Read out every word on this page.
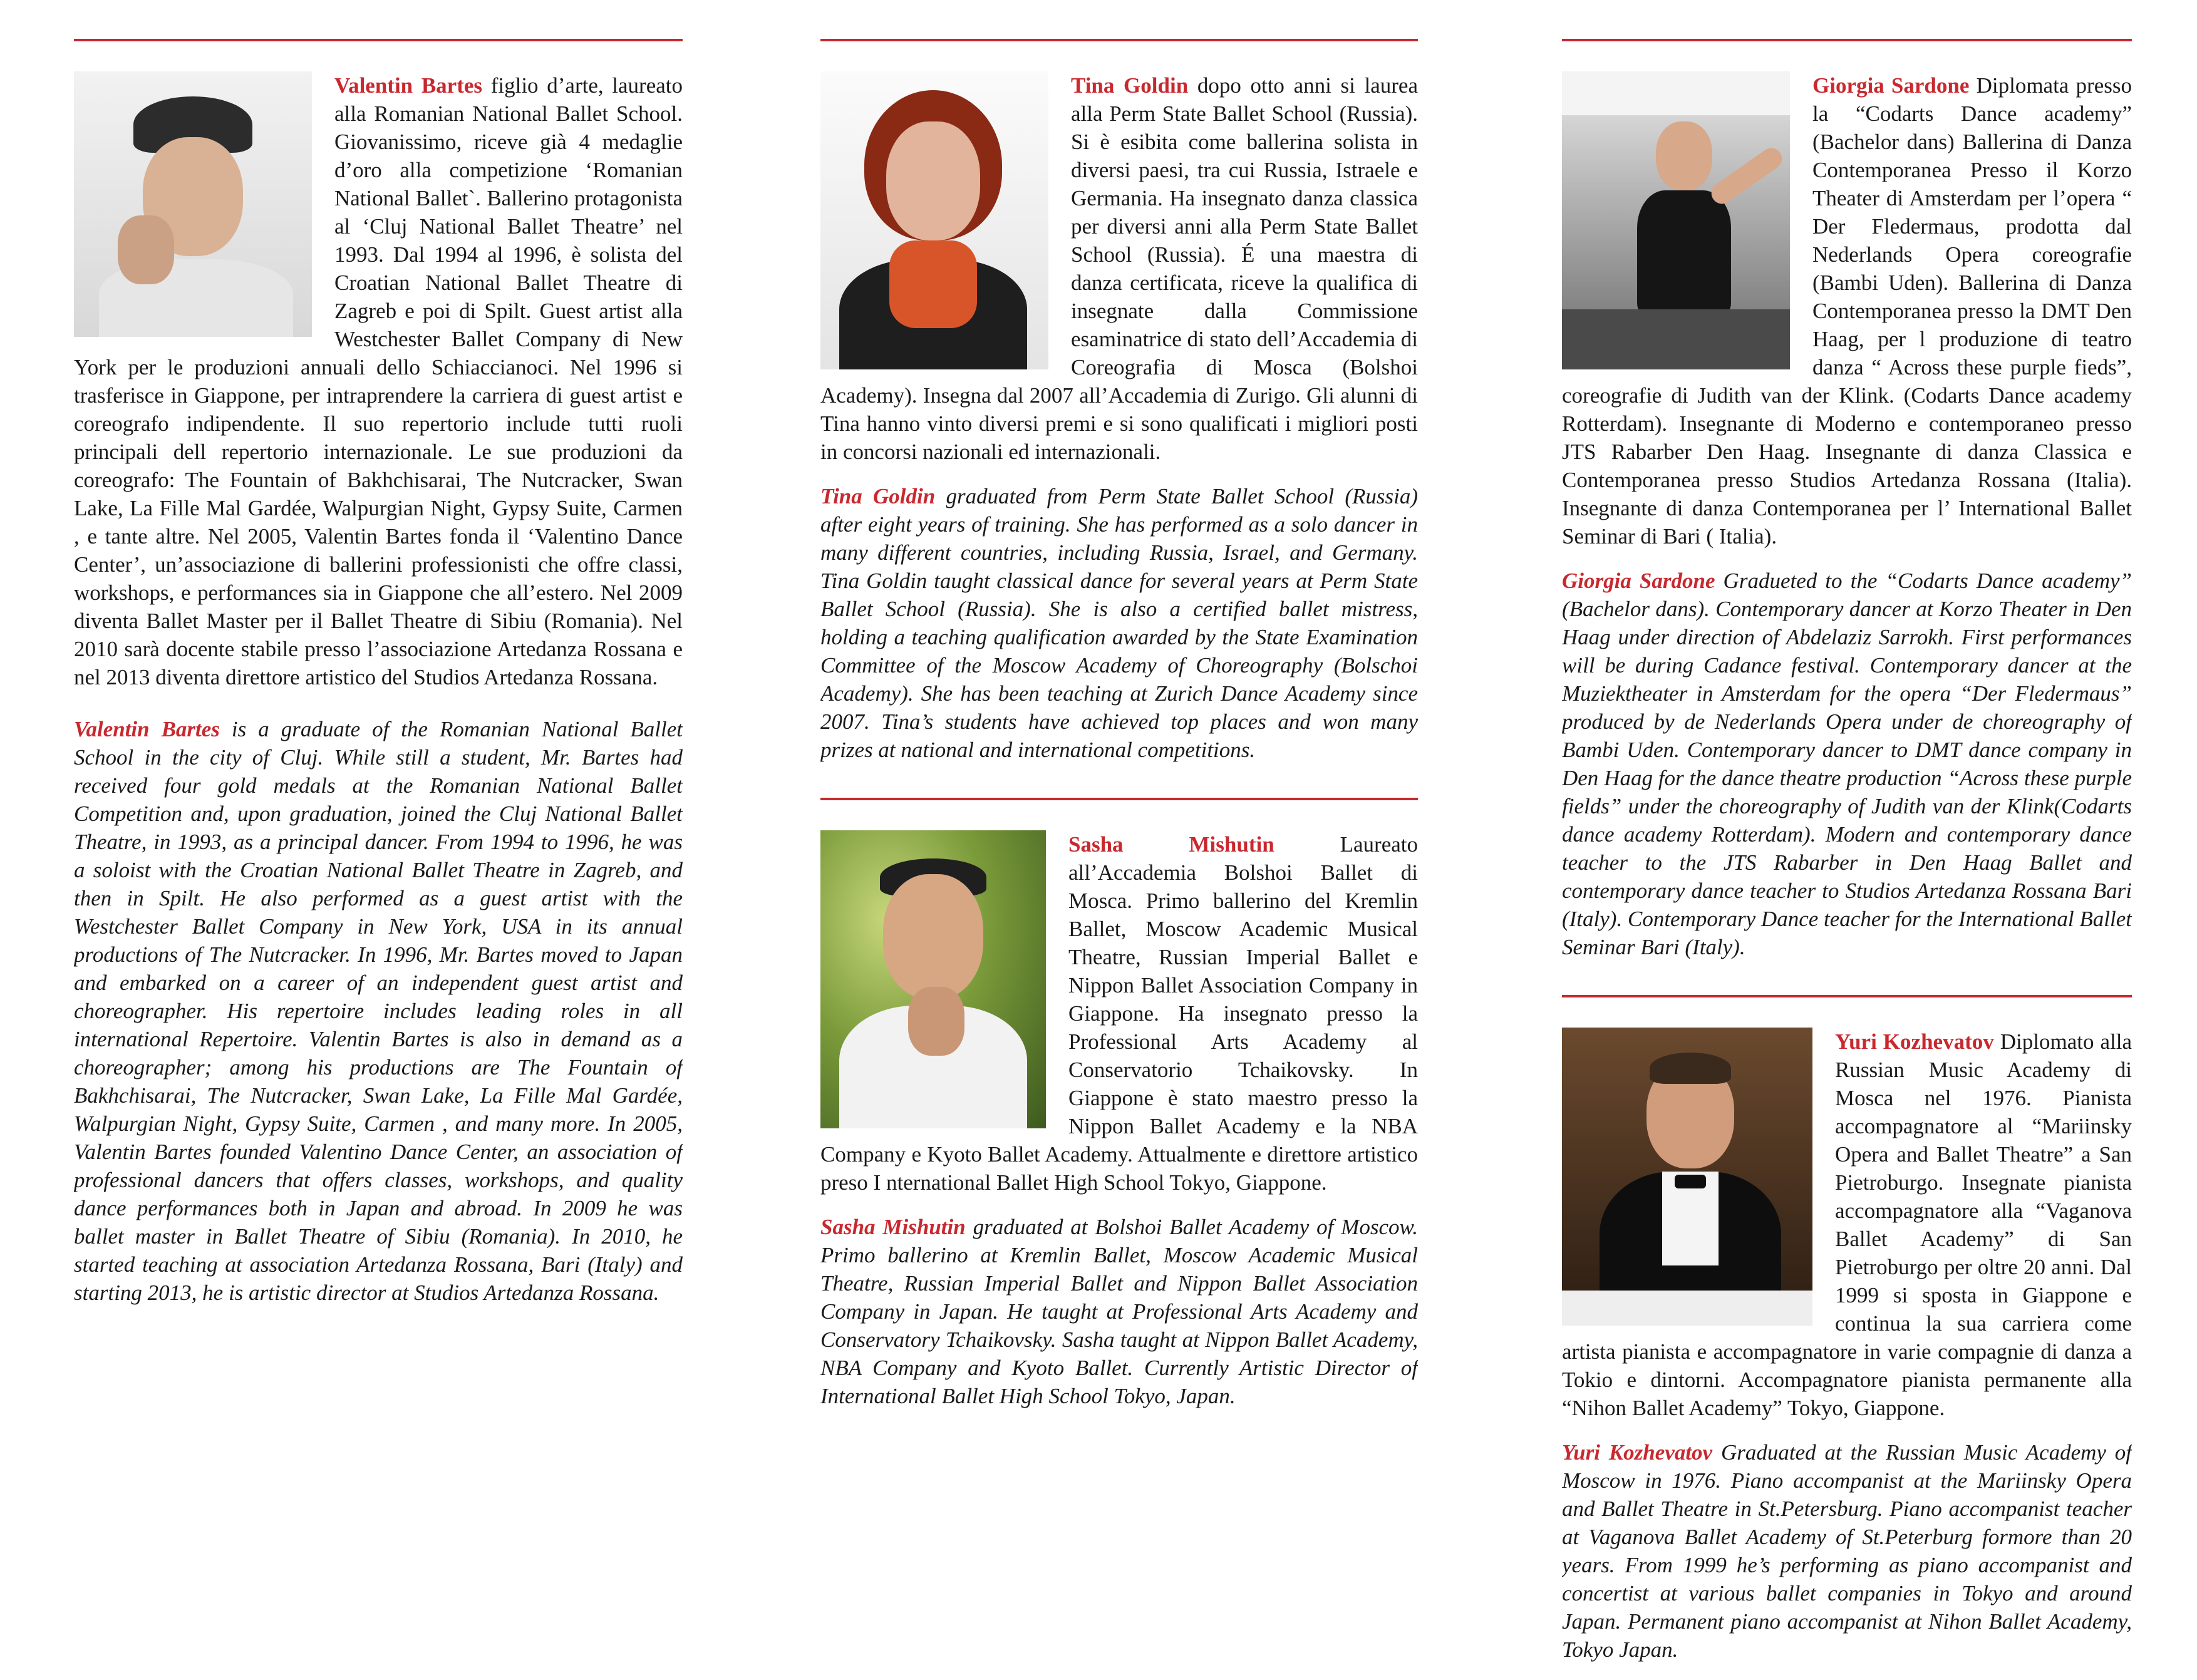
Valentin Bartes figlio d’arte, laureato alla Romanian National Ballet School. Giovanissimo, riceve già 4 medaglie d’oro alla competizione ‘Romanian National Ballet`. Ballerino protagonista al ‘Cluj National Ballet Theatre’ nel 1993. Dal 1994 al 1996, è solista del Croatian National Ballet Theatre di Zagreb e poi di Spilt. Guest artist alla Westchester Ballet Company di New York per le produzioni annuali dello Schiaccianoci. Nel 1996 si trasferisce in Giappone, per intraprendere la carriera di guest artist e coreografo indipendente. Il suo repertorio include tutti ruoli principali dell repertorio internazionale. Le sue produzioni da coreografo: The Fountain of Bakhchisarai, The Nutcracker, Swan Lake, La Fille Mal Gardée, Walpurgian Night, Gypsy Suite, Carmen , e tante altre. Nel 2005, Valentin Bartes fonda il ‘Valentino Dance Center’, un’associazione di ballerini professionisti che offre classi, workshops, e performances sia in Giappone che all’estero. Nel 2009 diventa Ballet Master per il Ballet Theatre di Sibiu (Romania). Nel 2010 sarà docente stabile presso l’associazione Artedanza Rossana e nel 2013 diventa direttore artistico del Studios Artedanza Rossana.

Valentin Bartes is a graduate of the Romanian National Ballet School in the city of Cluj. While still a student, Mr. Bartes had received four gold medals at the Romanian National Ballet Competition and, upon graduation, joined the Cluj National Ballet Theatre, in 1993, as a principal dancer. From 1994 to 1996, he was a soloist with the Croatian National Ballet Theatre in Zagreb, and then in Spilt. He also performed as a guest artist with the Westchester Ballet Company in New York, USA in its annual productions of The Nutcracker. In 1996, Mr. Bartes moved to Japan and embarked on a career of an independent guest artist and choreographer. His repertoire includes leading roles in all international Repertoire. Valentin Bartes is also in demand as a choreographer; among his productions are The Fountain of Bakhchisarai, The Nutcracker, Swan Lake, La Fille Mal Gardée, Walpurgian Night, Gypsy Suite, Carmen , and many more. In 2005, Valentin Bartes founded Valentino Dance Center, an association of professional dancers that offers classes, workshops, and quality dance performances both in Japan and abroad. In 2009 he was ballet master in Ballet Theatre of Sibiu (Romania). In 2010, he started teaching at association Artedanza Rossana, Bari (Italy) and starting 2013, he is artistic director at Studios Artedanza Rossana.

Tina Goldin dopo otto anni si laurea alla Perm State Ballet School (Russia). Si è esibita come ballerina solista in diversi paesi, tra cui Russia, Istraele e Germania. Ha insegnato danza classica per diversi anni alla Perm State Ballet School (Russia). É una maestra di danza certificata, riceve la qualifica di insegnate dalla Commissione esaminatrice di stato dell’Accademia di Coreografia di Mosca (Bolshoi Academy). Insegna dal 2007 all’Accademia di Zurigo. Gli alunni di Tina hanno vinto diversi premi e si sono qualificati i migliori posti in concorsi nazionali ed internazionali.

Tina Goldin graduated from Perm State Ballet School (Russia) after eight years of training. She has performed as a solo dancer in many different countries, including Russia, Israel, and Germany. Tina Goldin taught classical dance for several years at Perm State Ballet School (Russia). She is also a certified ballet mistress, holding a teaching qualification awarded by the State Examination Committee of the Moscow Academy of Choreography (Bolschoi Academy). She has been teaching at Zurich Dance Academy since 2007. Tina’s students have achieved top places and won many prizes at national and international competitions.

Sasha Mishutin Laureato all’Accademia Bolshoi Ballet di Mosca. Primo ballerino del Kremlin Ballet, Moscow Academic Musical Theatre, Russian Imperial Ballet e Nippon Ballet Association Company in Giappone. Ha insegnato presso la Professional Arts Academy al Conservatorio Tchaikovsky. In Giappone è stato maestro presso la Nippon Ballet Academy e la NBA Company e Kyoto Ballet Academy. Attualmente e direttore artistico preso I nternational Ballet High School Tokyo, Giappone.

Sasha Mishutin graduated at Bolshoi Ballet Academy of Moscow. Primo ballerino at Kremlin Ballet, Moscow Academic Musical Theatre, Russian Imperial Ballet and Nippon Ballet Association Company in Japan. He taught at Professional Arts Academy and Conservatory Tchaikovsky. Sasha taught at Nippon Ballet Academy, NBA Company and Kyoto Ballet. Currently Artistic Director of International Ballet High School Tokyo, Japan.

Giorgia Sardone Diplomata presso la “Codarts Dance academy” (Bachelor dans) Ballerina di Danza Contemporanea Presso il Korzo Theater di Amsterdam per l’opera “ Der Fledermaus, prodotta dal Nederlands Opera coreografie (Bambi Uden). Ballerina di Danza Contemporanea presso la DMT Den Haag, per l produzione di teatro danza “ Across these purple fieds”, coreografie di Judith van der Klink. (Codarts Dance academy Rotterdam). Insegnante di Moderno e contemporaneo presso JTS Rabarber Den Haag. Insegnante di danza Classica e Contemporanea presso Studios Artedanza Rossana (Italia). Insegnante di danza Contemporanea per l’ International Ballet Seminar di Bari ( Italia).

Giorgia Sardone Gradueted to the “Codarts Dance academy” (Bachelor dans). Contemporary dancer at Korzo Theater in Den Haag under direction of Abdelaziz Sarrokh. First performances will be during Cadance festival. Contemporary dancer at the Muziektheater in Amsterdam for the opera “Der Fledermaus” produced by de Nederlands Opera under de choreography of Bambi Uden. Contemporary dancer to DMT dance company in Den Haag for the dance theatre production “Across these purple fields” under the choreography of Judith van der Klink(Codarts dance academy Rotterdam). Modern and contemporary dance teacher to the JTS Rabarber in Den Haag Ballet and contemporary dance teacher to Studios Artedanza Rossana Bari (Italy). Contemporary Dance teacher for the International Ballet Seminar Bari (Italy).

Yuri Kozhevatov Diplomato alla Russian Music Academy di Mosca nel 1976. Pianista accompagnatore al “Mariinsky Opera and Ballet Theatre” a San Pietroburgo. Insegnate pianista accompagnatore alla “Vaganova Ballet Academy” di San Pietroburgo per oltre 20 anni. Dal 1999 si sposta in Giappone e continua la sua carriera come artista pianista e accompagnatore in varie compagnie di danza a Tokio e dintorni. Accompagnatore pianista permanente alla “Nihon Ballet Academy” Tokyo, Giappone.

Yuri Kozhevatov Graduated at the Russian Music Academy of Moscow in 1976. Piano accompanist at the Mariinsky Opera and Ballet Theatre in St.Petersburg. Piano accompanist teacher at Vaganova Ballet Academy of St.Peterburg formore than 20 years. From 1999 he’s performing as piano accompanist and concertist at various ballet companies in Tokyo and around Japan. Permanent piano accompanist at Nihon Ballet Academy, Tokyo Japan.
